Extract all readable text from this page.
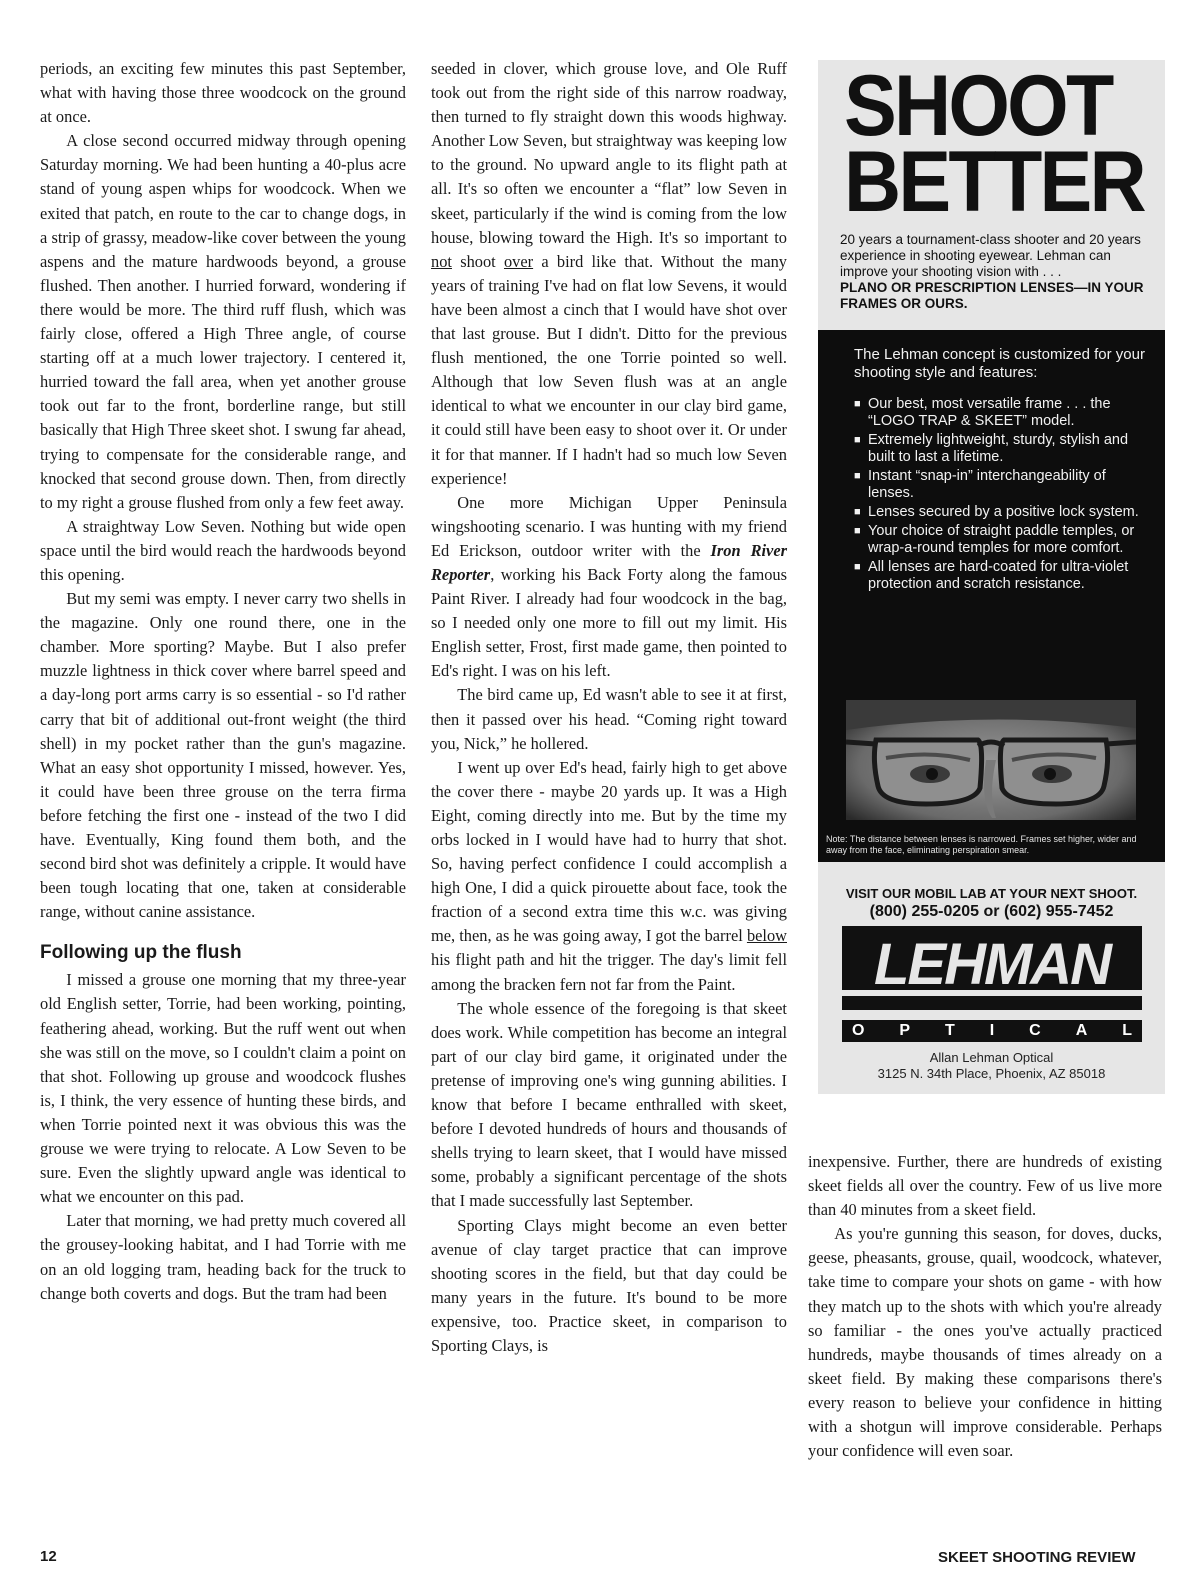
periods, an exciting few minutes this past September, what with having those three woodcock on the ground at once.

A close second occurred midway through opening Saturday morning. We had been hunting a 40-plus acre stand of young aspen whips for woodcock. When we exited that patch, en route to the car to change dogs, in a strip of grassy, meadow-like cover between the young aspens and the mature hardwoods beyond, a grouse flushed. Then another. I hurried forward, wondering if there would be more. The third ruff flush, which was fairly close, offered a High Three angle, of course starting off at a much lower trajectory. I centered it, hurried toward the fall area, when yet another grouse took out far to the front, borderline range, but still basically that High Three skeet shot. I swung far ahead, trying to compensate for the considerable range, and knocked that second grouse down. Then, from directly to my right a grouse flushed from only a few feet away.

A straightway Low Seven. Nothing but wide open space until the bird would reach the hardwoods beyond this opening.

But my semi was empty. I never carry two shells in the magazine. Only one round there, one in the chamber. More sporting? Maybe. But I also prefer muzzle lightness in thick cover where barrel speed and a day-long port arms carry is so essential - so I'd rather carry that bit of additional out-front weight (the third shell) in my pocket rather than the gun's magazine. What an easy shot opportunity I missed, however. Yes, it could have been three grouse on the terra firma before fetching the first one - instead of the two I did have. Eventually, King found them both, and the second bird shot was definitely a cripple. It would have been tough locating that one, taken at considerable range, without canine assistance.

Following up the flush

I missed a grouse one morning that my three-year old English setter, Torrie, had been working, pointing, feathering ahead, working. But the ruff went out when she was still on the move, so I couldn't claim a point on that shot. Following up grouse and woodcock flushes is, I think, the very essence of hunting these birds, and when Torrie pointed next it was obvious this was the grouse we were trying to relocate. A Low Seven to be sure. Even the slightly upward angle was identical to what we encounter on this pad.

Later that morning, we had pretty much covered all the grousey-looking habitat, and I had Torrie with me on an old logging tram, heading back for the truck to change both coverts and dogs. But the tram had been

seeded in clover, which grouse love, and Ole Ruff took out from the right side of this narrow roadway, then turned to fly straight down this woods highway. Another Low Seven, but straightway was keeping low to the ground. No upward angle to its flight path at all. It's so often we encounter a “flat” low Seven in skeet, particularly if the wind is coming from the low house, blowing toward the High. It's so important to not shoot over a bird like that. Without the many years of training I've had on flat low Sevens, it would have been almost a cinch that I would have shot over that last grouse. But I didn't. Ditto for the previous flush mentioned, the one Torrie pointed so well. Although that low Seven flush was at an angle identical to what we encounter in our clay bird game, it could still have been easy to shoot over it. Or under it for that manner. If I hadn't had so much low Seven experience!

One more Michigan Upper Peninsula wingshooting scenario. I was hunting with my friend Ed Erickson, outdoor writer with the Iron River Reporter, working his Back Forty along the famous Paint River. I already had four woodcock in the bag, so I needed only one more to fill out my limit. His English setter, Frost, first made game, then pointed to Ed's right. I was on his left.

The bird came up, Ed wasn't able to see it at first, then it passed over his head. “Coming right toward you, Nick,” he hollered.

I went up over Ed's head, fairly high to get above the cover there - maybe 20 yards up. It was a High Eight, coming directly into me. But by the time my orbs locked in I would have had to hurry that shot. So, having perfect confidence I could accomplish a high One, I did a quick pirouette about face, took the fraction of a second extra time this w.c. was giving me, then, as he was going away, I got the barrel below his flight path and hit the trigger. The day's limit fell among the bracken fern not far from the Paint.

The whole essence of the foregoing is that skeet does work. While competition has become an integral part of our clay bird game, it originated under the pretense of improving one's wing gunning abilities. I know that before I became enthralled with skeet, before I devoted hundreds of hours and thousands of shells trying to learn skeet, that I would have missed some, probably a significant percentage of the shots that I made successfully last September.

Sporting Clays might become an even better avenue of clay target practice that can improve shooting scores in the field, but that day could be many years in the future. It's bound to be more expensive, too. Practice skeet, in comparison to Sporting Clays, is

SHOOT
BETTER
20 years a tournament-class shooter and 20 years experience in shooting eyewear. Lehman can improve your shooting vision with . . .
PLANO OR PRESCRIPTION LENSES—IN YOUR FRAMES OR OURS.
The Lehman concept is customized for your shooting style and features:
■ Our best, most versatile frame . . . the “LOGO TRAP & SKEET” model.
■ Extremely lightweight, sturdy, stylish and built to last a lifetime.
■ Instant “snap-in” interchangeability of lenses.
■ Lenses secured by a positive lock system.
■ Your choice of straight paddle temples, or wrap-a-round temples for more comfort.
■ All lenses are hard-coated for ultra-violet protection and scratch resistance.
Note: The distance between lenses is narrowed. Frames set higher, wider and away from the face, eliminating perspiration smear.
VISIT OUR MOBIL LAB AT YOUR NEXT SHOOT.
(800) 255-0205 or (602) 955-7452
LEHMAN
O P T I C A L
Allan Lehman Optical
3125 N. 34th Place, Phoenix, AZ 85018

inexpensive. Further, there are hundreds of existing skeet fields all over the country. Few of us live more than 40 minutes from a skeet field.

As you're gunning this season, for doves, ducks, geese, pheasants, grouse, quail, woodcock, whatever, take time to compare your shots on game - with how they match up to the shots with which you're already so familiar - the ones you've actually practiced hundreds, maybe thousands of times already on a skeet field. By making these comparisons there's every reason to believe your confidence in hitting with a shotgun will improve considerable. Perhaps your confidence will even soar.

12	SKEET SHOOTING REVIEW
